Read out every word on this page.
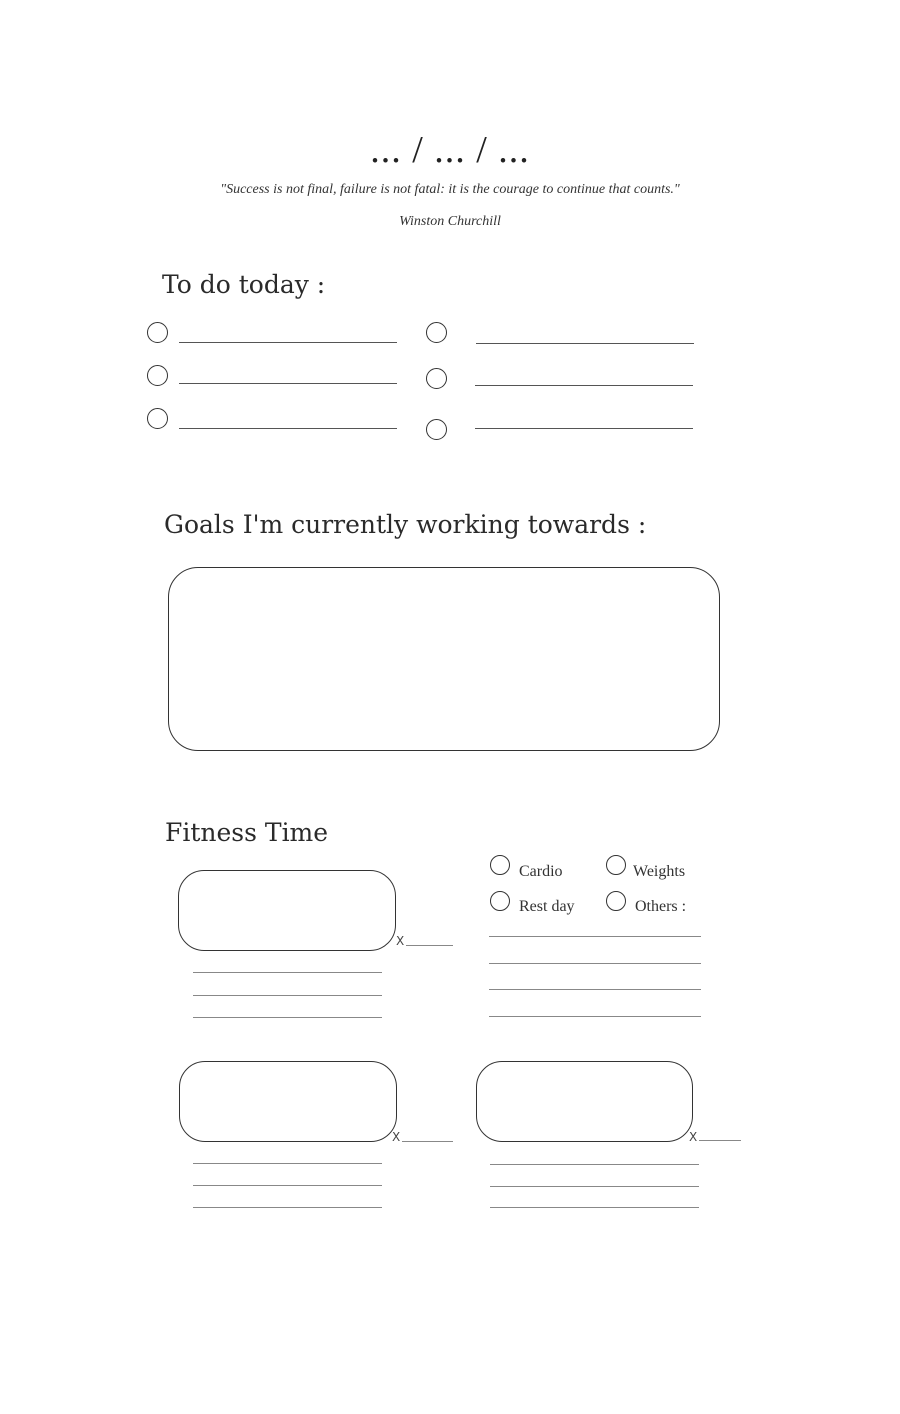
... / ... / ...
"Success is not final, failure is not fatal: it is the courage to continue that counts."
Winston Churchill
To do today :
Goals I'm currently working towards :
Fitness Time
X
Cardio	Weights
Rest day	Others :
X	X
